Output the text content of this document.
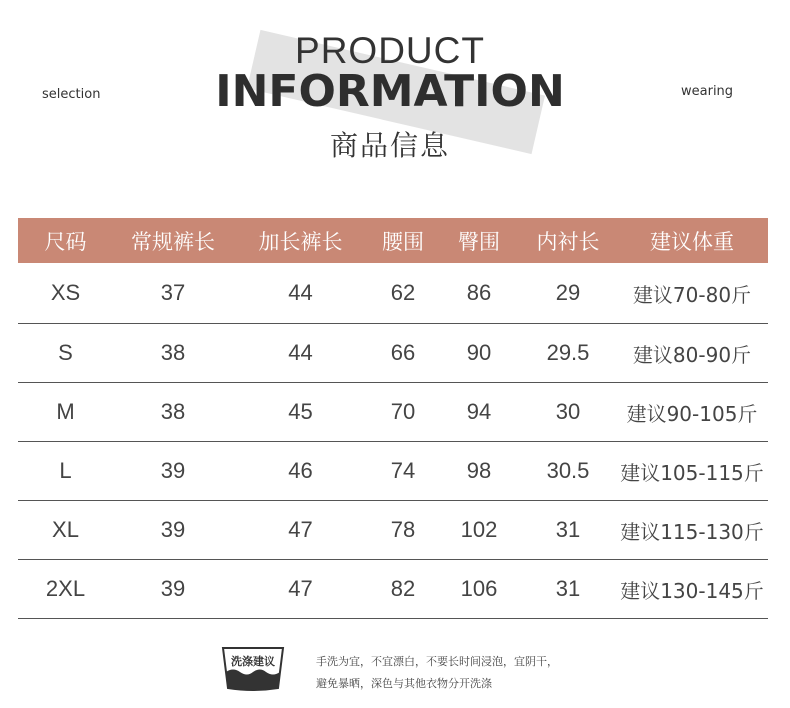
selection	wearing
PRODUCT
INFORMATION
商品信息
尺码	常规裤长	加长裤长	腰围	臀围	内衬长	建议体重
XS	37	44	62	86	29	建议70-80斤
S	38	44	66	90	29.5	建议80-90斤
M	38	45	70	94	30	建议90-105斤
L	39	46	74	98	30.5	建议105-115斤
XL	39	47	78	102	31	建议115-130斤
2XL	39	47	82	106	31	建议130-145斤
洗涤建议	手洗为宜，不宜漂白，不要长时间浸泡，宜阴干，
避免暴晒，深色与其他衣物分开洗涤
